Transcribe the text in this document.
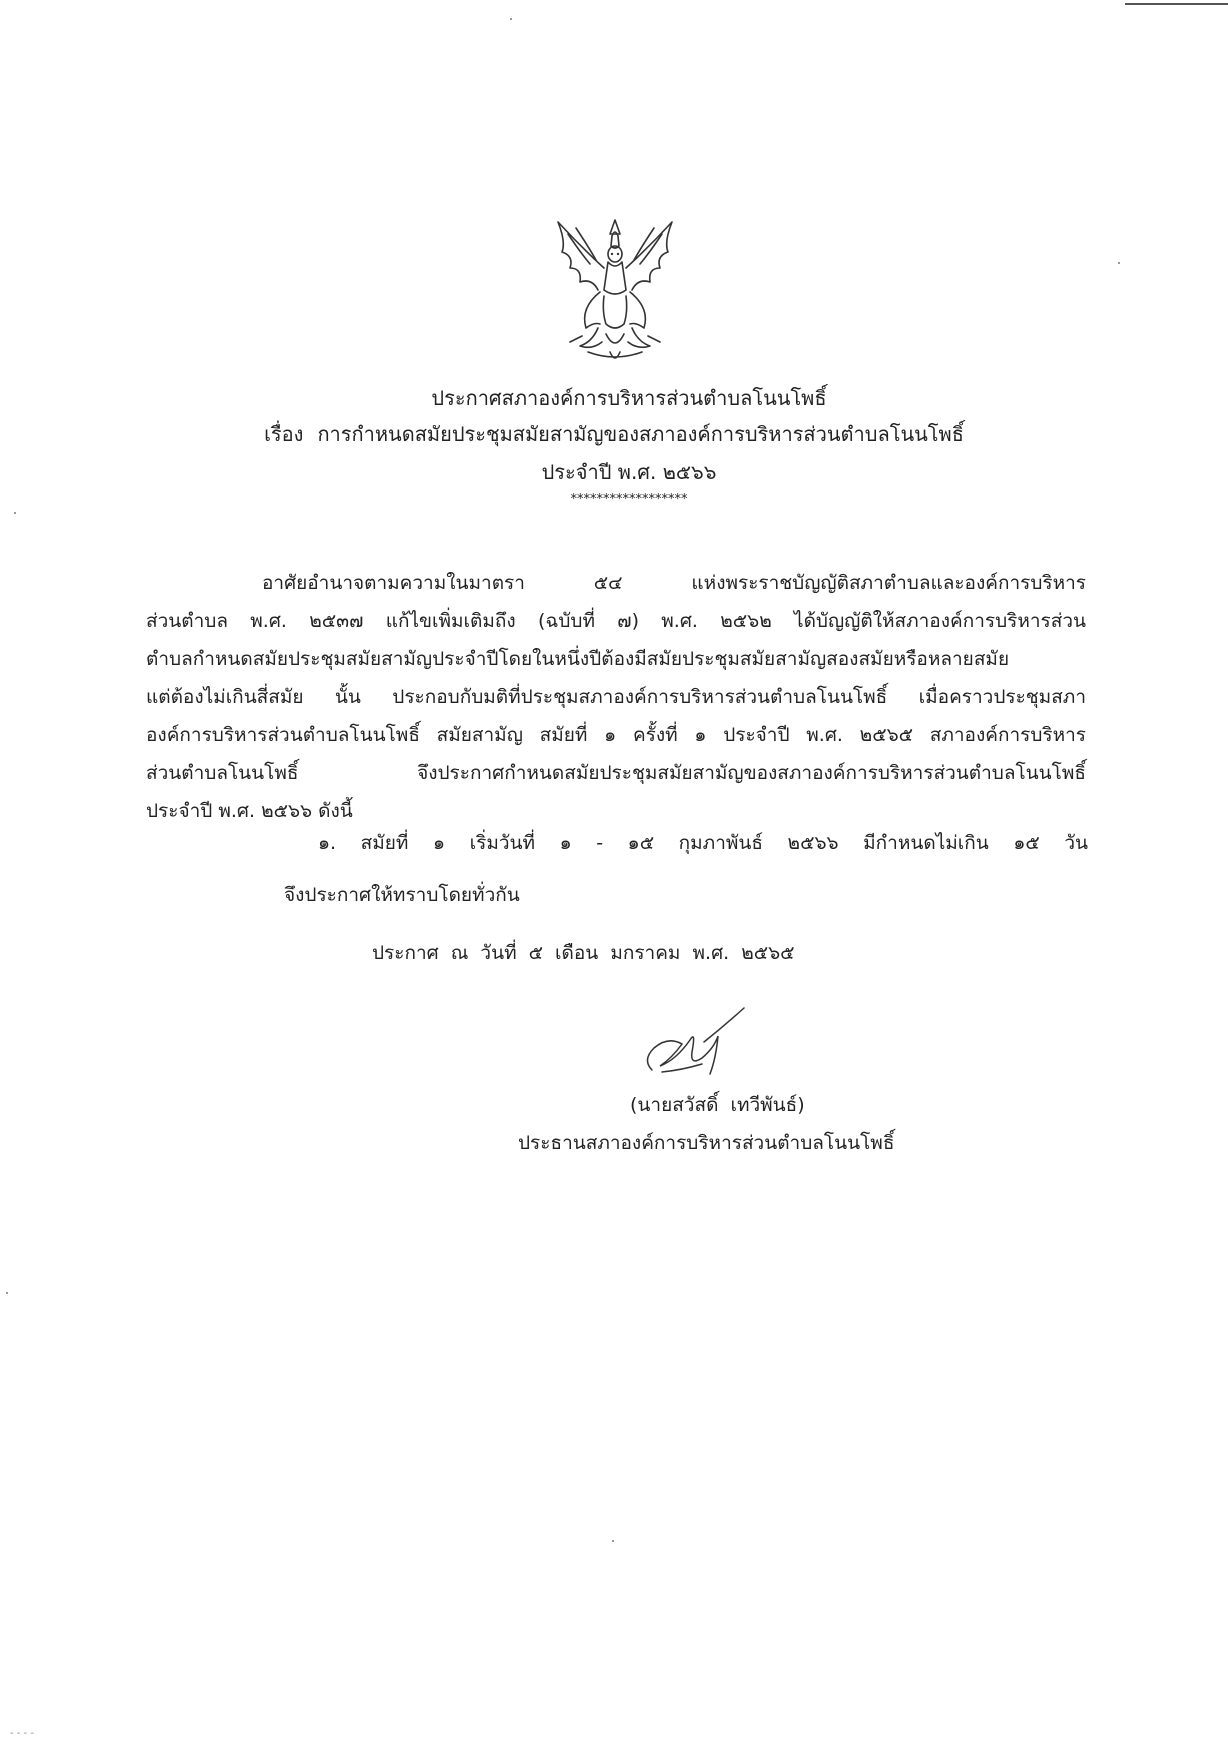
ประกาศสภาองค์การบริหารส่วนตำบลโนนโพธิ์
เรื่อง การกำหนดสมัยประชุมสมัยสามัญของสภาองค์การบริหารส่วนตำบลโนนโพธิ์
ประจำปี พ.ศ. ๒๕๖๖
******************
อาศัยอำนาจตามความในมาตรา ๕๔ แห่งพระราชบัญญัติสภาตำบลและองค์การบริหาร
ส่วนตำบล พ.ศ. ๒๕๓๗ แก้ไขเพิ่มเติมถึง (ฉบับที่ ๗) พ.ศ. ๒๕๖๒ ได้บัญญัติให้สภาองค์การบริหารส่วน
ตำบลกำหนดสมัยประชุมสมัยสามัญประจำปีโดยในหนึ่งปีต้องมีสมัยประชุมสมัยสามัญสองสมัยหรือหลายสมัย
แต่ต้องไม่เกินสี่สมัย นั้น ประกอบกับมติที่ประชุมสภาองค์การบริหารส่วนตำบลโนนโพธิ์ เมื่อคราวประชุมสภา
องค์การบริหารส่วนตำบลโนนโพธิ์ สมัยสามัญ สมัยที่ ๑ ครั้งที่ ๑ ประจำปี พ.ศ. ๒๕๖๕ สภาองค์การบริหาร
ส่วนตำบลโนนโพธิ์ จึงประกาศกำหนดสมัยประชุมสมัยสามัญของสภาองค์การบริหารส่วนตำบลโนนโพธิ์
ประจำปี พ.ศ. ๒๕๖๖ ดังนี้
๑. สมัยที่ ๑ เริ่มวันที่ ๑ - ๑๕ กุมภาพันธ์ ๒๕๖๖ มีกำหนดไม่เกิน ๑๕ วัน
จึงประกาศให้ทราบโดยทั่วกัน
ประกาศ ณ วันที่ ๕ เดือน มกราคม พ.ศ. ๒๕๖๕
(นายสวัสดิ์ เทวีพันธ์)
ประธานสภาองค์การบริหารส่วนตำบลโนนโพธิ์
- - - -
